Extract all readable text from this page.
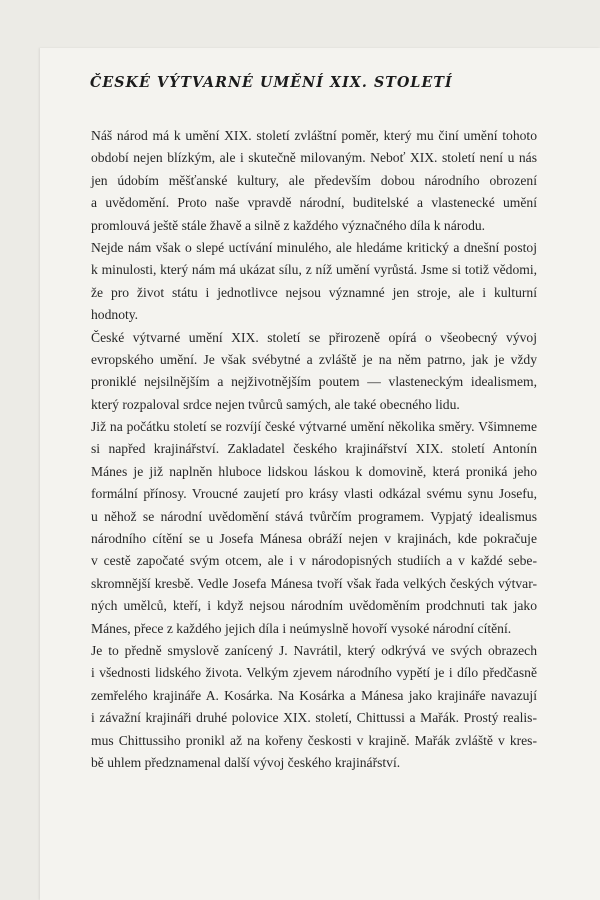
ČESKÉ VÝTVARNÉ UMĚNÍ XIX. STOLETÍ
Náš národ má k umění XIX. století zvláštní poměr, který mu činí umění tohoto
období nejen blízkým, ale i skutečně milovaným. Neboť XIX. století není u nás
jen údobím měšťanské kultury, ale především dobou národního obrození
a uvědomění. Proto naše vpravdě národní, buditelské a vlastenecké umění
promlouvá ještě stále žhavě a silně z každého význačného díla k národu.
Nejde nám však o slepé uctívání minulého, ale hledáme kritický a dnešní postoj
k minulosti, který nám má ukázat sílu, z níž umění vyrůstá. Jsme si totiž vědomi,
že pro život státu i jednotlivce nejsou významné jen stroje, ale i kulturní
hodnoty.
České výtvarné umění XIX. století se přirozeně opírá o všeobecný vývoj
evropského umění. Je však svébytné a zvláště je na něm patrno, jak je vždy
proniklé nejsilnějším a nejživotnějším poutem — vlasteneckým idealismem,
který rozpaloval srdce nejen tvůrců samých, ale také obecného lidu.
Již na počátku století se rozvíjí české výtvarné umění několika směry. Všimneme
si napřed krajinářství. Zakladatel českého krajinářství XIX. století Antonín
Mánes je již naplněn hluboce lidskou láskou k domovině, která proniká jeho
formální přínosy. Vroucné zaujetí pro krásy vlasti odkázal svému synu Josefu,
u něhož se národní uvědomění stává tvůrčím programem. Vypjatý idealismus
národního cítění se u Josefa Mánesa obráží nejen v krajinách, kde pokračuje
v cestě započaté svým otcem, ale i v národopisných studiích a v každé sebe-
skromnější kresbě. Vedle Josefa Mánesa tvoří však řada velkých českých výtvar-
ných umělců, kteří, i když nejsou národním uvědoměním prodchnuti tak jako
Mánes, přece z každého jejich díla i neúmyslně hovoří vysoké národní cítění.
Je to předně smyslově zanícený J. Navrátil, který odkrývá ve svých obrazech
i všednosti lidského života. Velkým zjevem národního vypětí je i dílo předčasně
zemřelého krajináře A. Kosárka. Na Kosárka a Mánesa jako krajináře navazují
i závažní krajináři druhé polovice XIX. století, Chittussi a Mařák. Prostý realis-
mus Chittussiho pronikl až na kořeny českosti v krajině. Mařák zvláště v kres-
bě uhlem předznamenal další vývoj českého krajinářství.
